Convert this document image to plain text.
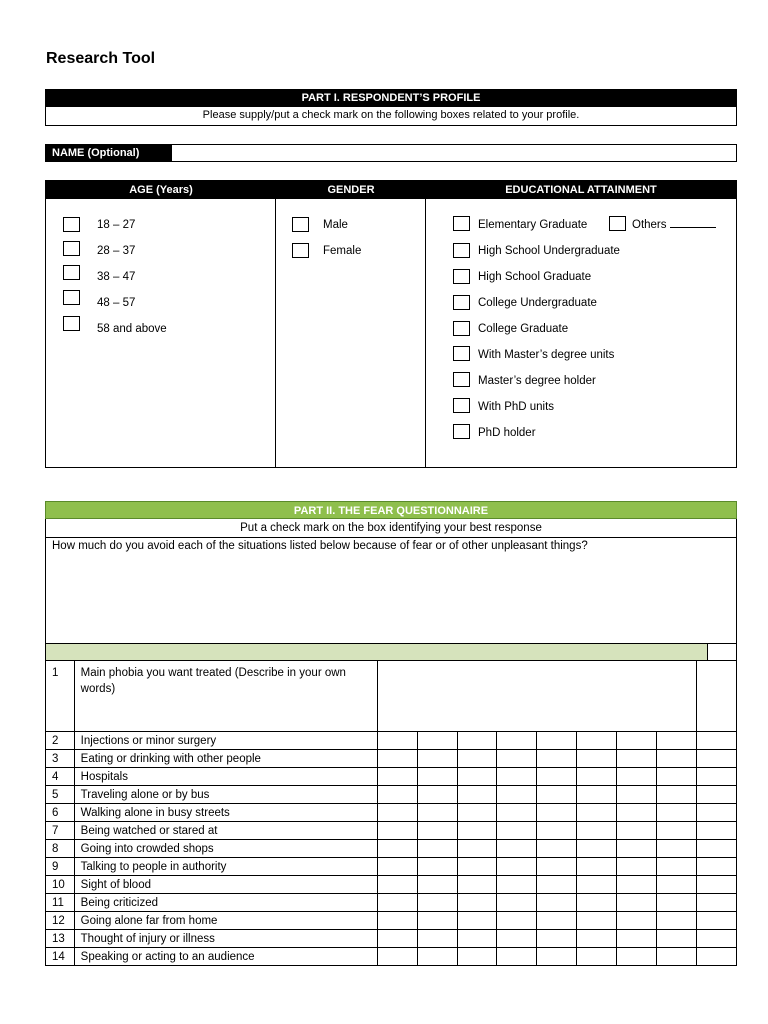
Research Tool
PART I. RESPONDENT’S PROFILE
Please supply/put a check mark on the following boxes related to your profile.
NAME (Optional)
AGE (Years)	GENDER	EDUCATIONAL ATTAINMENT
18 – 27
28 – 37
38 – 47
48 – 57
58 and above
Male
Female
Elementary Graduate	Others
High School Undergraduate
High School Graduate
College Undergraduate
College Graduate
With Master’s degree units
Master’s degree holder
With PhD units
PhD holder
PART II. THE FEAR QUESTIONNAIRE
Put a check mark on the box identifying your best response
How much do you avoid each of the situations listed below because of fear or of other unpleasant things?
1	Main phobia you want treated (Describe in your own words)									
2	Injections or minor surgery									
3	Eating or drinking with other people									
4	Hospitals									
5	Traveling alone or by bus									
6	Walking alone in busy streets									
7	Being watched or stared at									
8	Going into crowded shops									
9	Talking to people in authority									
10	Sight of blood									
11	Being criticized									
12	Going alone far from home									
13	Thought of injury or illness									
14	Speaking or acting to an audience									
